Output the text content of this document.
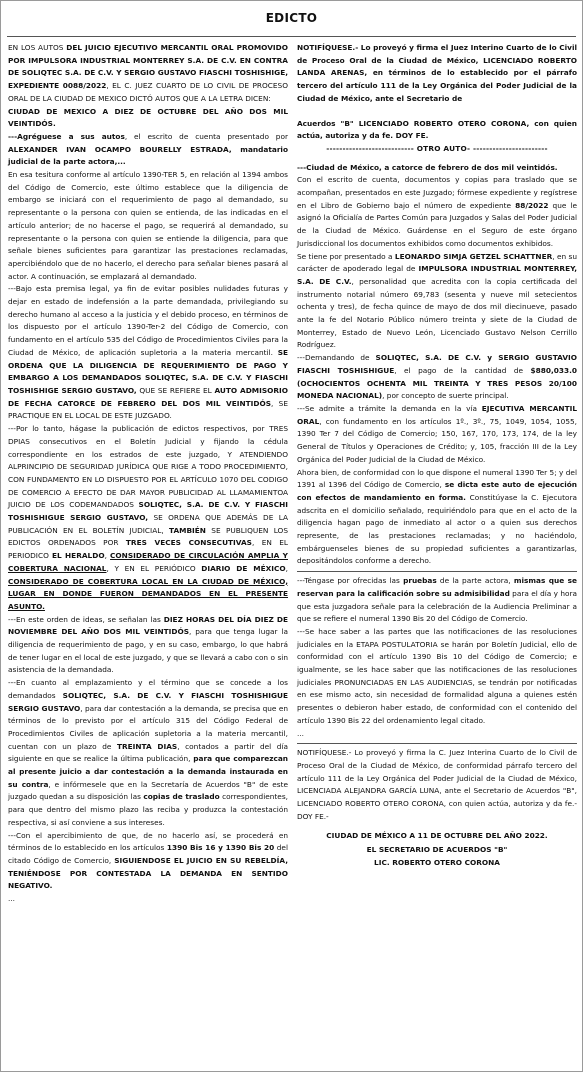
EDICTO

EN LOS AUTOS DEL JUICIO EJECUTIVO MERCANTIL ORAL PROMOVIDO POR IMPULSORA INDUSTRIAL MONTERREY S.A. DE C.V. EN CONTRA DE SOLIQTEC S.A. DE C.V. Y SERGIO GUSTAVO FIASCHI TOSHISHIGE, EXPEDIENTE 0088/2022, EL C. JUEZ CUARTO DE LO CIVIL DE PROCESO ORAL DE LA CIUDAD DE MEXICO DICTÓ AUTOS QUE A LA LETRA DICEN:

CIUDAD DE MEXICO A DIEZ DE OCTUBRE DEL AÑO DOS MIL VEINTIDÓS.

---Agréguese a sus autos, el escrito de cuenta presentado por ALEXANDER IVAN OCAMPO BOURELLY ESTRADA, mandatario judicial de la parte actora,...

En esa tesitura conforme al artículo 1390-TER 5, en relación al 1394 ambos del Código de Comercio, este último establece que la diligencia de embargo se iniciará con el requerimiento de pago al demandado, su representante o la persona con quien se entienda, de las indicadas en el artículo anterior; de no hacerse el pago, se requerirá al demandado, su representante o la persona con quien se entiende la diligencia, para que señale bienes suficientes para garantizar las prestaciones reclamadas, apercibiéndolo que de no hacerlo, el derecho para señalar bienes pasará al actor. A continuación, se emplazará al demandado.

---Bajo esta premisa legal, ya fin de evitar posibles nulidades futuras y dejar en estado de indefensión a la parte demandada, privilegiando su derecho humano al acceso a la justicia y el debido proceso, en términos de los dispuesto por el artículo 1390-Ter-2 del Código de Comercio, con fundamento en el artículo 535 del Código de Procedimientos Civiles para la Ciudad de México, de aplicación supletoria a la materia mercantil. SE ORDENA QUE LA DILIGENCIA DE REQUERIMIENTO DE PAGO Y EMBARGO A LOS DEMANDADOS SOLIQTEC, S.A. DE C.V. Y FIASCHI TOSHISHIGE SERGIO GUSTAVO, QUE SE REFIERE EL AUTO ADMISORIO DE FECHA CATORCE DE FEBRERO DEL DOS MIL VEINTIDÓS, SE PRACTIQUE EN EL LOCAL DE ESTE JUZGADO.

---Por lo tanto, hágase la publicación de edictos respectivos, por TRES DPIAS consecutivos en el Boletín Judicial y fijando la cédula correspondiente en los estrados de este juzgado, Y ATENDIENDO ALPRINCIPIO DE SEGURIDAD JURÍDICA QUE RIGE A TODO PROCEDIMIENTO, CON FUNDAMENTO EN LO DISPUESTO POR EL ARTÍCULO 1070 DEL CODIGO DE COMERCIO A EFECTO DE DAR MAYOR PUBLICIDAD AL LLAMAMIENTOA JUICIO DE LOS CODEMANDADOS SOLIQTEC, S.A. DE C.V. Y FIASCHI TOSHISHIGUE SERGIO GUSTAVO, SE ORDENA QUE ADEMÁS DE LA PUBLICACIÓN EN EL BOLETÍN JUDICIAL, TAMBIÉN SE PUBLIQUEN LOS EDICTOS ORDENADOS POR TRES VECES CONSECUTIVAS, EN EL PERIODICO EL HERALDO, CONSIDERADO DE CIRCULACIÓN AMPLIA Y COBERTURA NACIONAL, Y EN EL PERIÓDICO DIARIO DE MÉXICO, CONSIDERADO DE COBERTURA LOCAL EN LA CIUDAD DE MÉXICO, LUGAR EN DONDE FUERON DEMANDADOS EN EL PRESENTE ASUNTO.

---En este orden de ideas, se señalan las DIEZ HORAS DEL DÍA DIEZ DE NOVIEMBRE DEL AÑO DOS MIL VEINTIDÓS, para que tenga lugar la diligencia de requerimiento de pago, y en su caso, embargo, lo que habrá de tener lugar en el local de este juzgado, y que se llevará a cabo con o sin asistencia de la demandada.

---En cuanto al emplazamiento y el término que se concede a los demandados SOLIQTEC, S.A. DE C.V. Y FIASCHI TOSHISHIGUE SERGIO GUSTAVO, para dar contestación a la demanda, se precisa que en términos de lo previsto por el artículo 315 del Código Federal de Procedimientos Civiles de aplicación supletoria a la materia mercantil, cuentan con un plazo de TREINTA DIAS, contados a partir del día siguiente en que se realice la última publicación, para que comparezcan al presente juicio a dar contestación a la demanda instaurada en su contra, e infórmesele que en la Secretaría de Acuerdos "B" de este juzgado quedan a su disposición las copias de traslado correspondientes, para que dentro del mismo plazo las reciba y produzca la contestación respectiva, si así conviene a sus intereses.

---Con el apercibimiento de que, de no hacerlo así, se procederá en términos de lo establecido en los artículos 1390 Bis 16 y 1390 Bis 20 del citado Código de Comercio, SIGUIENDOSE EL JUICIO EN SU REBELDÍA, TENIÉNDOSE POR CONTESTADA LA DEMANDA EN SENTIDO NEGATIVO.

...

NOTIFÍQUESE.- Lo proveyó y firma el Juez Interino Cuarto de lo Civil de Proceso Oral de la Ciudad de México, LICENCIADO ROBERTO LANDA ARENAS, en términos de lo establecido por el párrafo tercero del artículo 111 de la Ley Orgánica del Poder Judicial de la Ciudad de México, ante el Secretario de

Acuerdos "B" LICENCIADO ROBERTO OTERO CORONA, con quien actúa, autoriza y da fe. DOY FE.

--------------------------- OTRO AUTO- -----------------------

---Ciudad de México, a catorce de febrero de dos mil veintidós.

Con el escrito de cuenta, documentos y copias para traslado que se acompañan, presentados en este Juzgado; fórmese expediente y regístrese en el Libro de Gobierno bajo el número de expediente 88/2022 que le asignó la Oficialía de Partes Común para Juzgados y Salas del Poder Judicial de la Ciudad de México. Guárdense en el Seguro de este órgano Jurisdiccional los documentos exhibidos como documentos exhibidos.

Se tiene por presentado a LEONARDO SIMJA GETZEL SCHATTNER, en su carácter de apoderado legal de IMPULSORA INDUSTRIAL MONTERREY, S.A. DE C.V., personalidad que acredita con la copia certificada del instrumento notarial número 69,783 (sesenta y nueve mil setecientos ochenta y tres), de fecha quince de mayo de dos mil diecinueve, pasado ante la fe del Notario Público número treinta y siete de la Ciudad de Monterrey, Estado de Nuevo León, Licenciado Gustavo Nelson Cerrillo Rodríguez.

---Demandando de SOLIQTEC, S.A. DE C.V. y SERGIO GUSTAVIO FIASCHI TOSHISHIGUE, el pago de la cantidad de $880,033.0 (OCHOCIENTOS OCHENTA MIL TREINTA Y TRES PESOS 20/100 MONEDA NACIONAL), por concepto de suerte principal.

---Se admite a trámite la demanda en la vía EJECUTIVA MERCANTIL ORAL, con fundamento en los artículos 1º., 3º., 75, 1049, 1054, 1055, 1390 Ter 7 del Código de Comercio; 150, 167, 170, 173, 174, de la ley General de Títulos y Operaciones de Crédito; y, 105, fracción III de la Ley Orgánica del Poder Judicial de la Ciudad de México.

Ahora bien, de conformidad con lo que dispone el numeral 1390 Ter 5; y del 1391 al 1396 del Código de Comercio, se dicta este auto de ejecución con efectos de mandamiento en forma. Constitúyase la C. Ejecutora adscrita en el domicilio señalado, requiriéndolo para que en el acto de la diligencia hagan pago de inmediato al actor o a quien sus derechos represente, de las prestaciones reclamadas; y no haciéndolo, embárguenseles bienes de su propiedad suficientes a garantizarlas, depositándolos conforme a derecho.

---Téngase por ofrecidas las pruebas de la parte actora, mismas que se reservan para la calificación sobre su admisibilidad para el día y hora que esta juzgadora señale para la celebración de la Audiencia Preliminar a que se refiere el numeral 1390 Bis 20 del Código de Comercio.

---Se hace saber a las partes que las notificaciones de las resoluciones judiciales en la ETAPA POSTULATORIA se harán por Boletín Judicial, ello de conformidad con el artículo 1390 Bis 10 del Código de Comercio; e igualmente, se les hace saber que las notificaciones de las resoluciones judiciales PRONUNCIADAS EN LAS AUDIENCIAS, se tendrán por notificadas en ese mismo acto, sin necesidad de formalidad alguna a quienes estén presentes o debieron haber estado, de conformidad con el contenido del artículo 1390 Bis 22 del ordenamiento legal citado.

...

NOTIFÍQUESE.- Lo proveyó y firma la C. Juez Interina Cuarto de lo Civil de Proceso Oral de la Ciudad de México, de conformidad párrafo tercero del artículo 111 de la Ley Orgánica del Poder Judicial de la Ciudad de México, LICENCIADA ALEJANDRA GARCÍA LUNA, ante el Secretario de Acuerdos "B", LICENCIADO ROBERTO OTERO CORONA, con quien actúa, autoriza y da fe.-DOY FE.-

CIUDAD DE MÉXICO A 11 DE OCTUBRE DEL AÑO 2022.

EL SECRETARIO DE ACUERDOS "B"

LIC. ROBERTO OTERO CORONA
